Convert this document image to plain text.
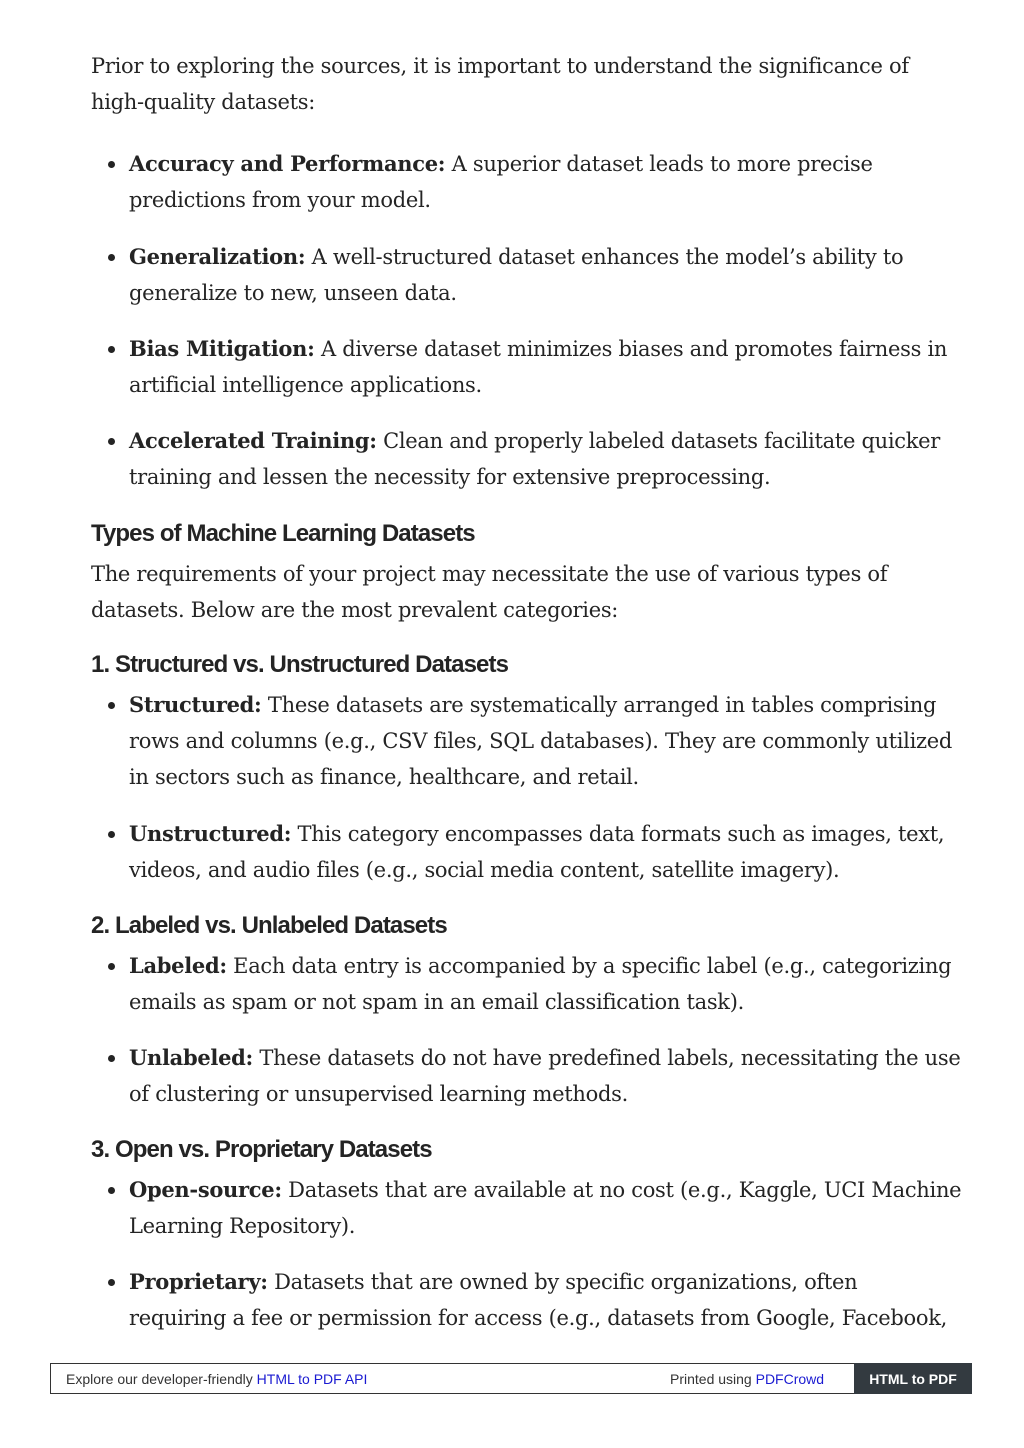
Prior to exploring the sources, it is important to understand the significance of
high-quality datasets:

Accuracy and Performance: A superior dataset leads to more precise
predictions from your model.
Generalization: A well-structured dataset enhances the model’s ability to
generalize to new, unseen data.
Bias Mitigation: A diverse dataset minimizes biases and promotes fairness in
artificial intelligence applications.
Accelerated Training: Clean and properly labeled datasets facilitate quicker
training and lessen the necessity for extensive preprocessing.
Types of Machine Learning Datasets

The requirements of your project may necessitate the use of various types of
datasets. Below are the most prevalent categories:

1. Structured vs. Unstructured Datasets
Structured: These datasets are systematically arranged in tables comprising
rows and columns (e.g., CSV files, SQL databases). They are commonly utilized
in sectors such as finance, healthcare, and retail.
Unstructured: This category encompasses data formats such as images, text,
videos, and audio files (e.g., social media content, satellite imagery).
2. Labeled vs. Unlabeled Datasets
Labeled: Each data entry is accompanied by a specific label (e.g., categorizing
emails as spam or not spam in an email classification task).
Unlabeled: These datasets do not have predefined labels, necessitating the use
of clustering or unsupervised learning methods.
3. Open vs. Proprietary Datasets
Open-source: Datasets that are available at no cost (e.g., Kaggle, UCI Machine
Learning Repository).
Proprietary: Datasets that are owned by specific organizations, often
requiring a fee or permission for access (e.g., datasets from Google, Facebook,
Explore our developer-friendly HTML to PDF API	Printed using PDFCrowd	HTML to PDF
